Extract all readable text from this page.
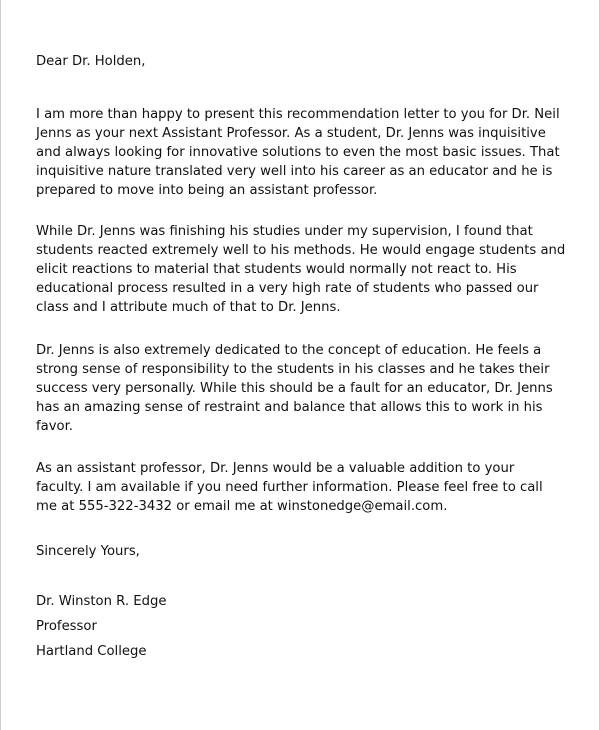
Dear Dr. Holden,
I am more than happy to present this recommendation letter to you for Dr. Neil
Jenns as your next Assistant Professor. As a student, Dr. Jenns was inquisitive
and always looking for innovative solutions to even the most basic issues. That
inquisitive nature translated very well into his career as an educator and he is
prepared to move into being an assistant professor.
While Dr. Jenns was finishing his studies under my supervision, I found that
students reacted extremely well to his methods. He would engage students and
elicit reactions to material that students would normally not react to. His
educational process resulted in a very high rate of students who passed our
class and I attribute much of that to Dr. Jenns.
Dr. Jenns is also extremely dedicated to the concept of education. He feels a
strong sense of responsibility to the students in his classes and he takes their
success very personally. While this should be a fault for an educator, Dr. Jenns
has an amazing sense of restraint and balance that allows this to work in his
favor.
As an assistant professor, Dr. Jenns would be a valuable addition to your
faculty. I am available if you need further information. Please feel free to call
me at 555-322-3432 or email me at winstonedge@email.com.
Sincerely Yours,
Dr. Winston R. Edge
Professor
Hartland College
